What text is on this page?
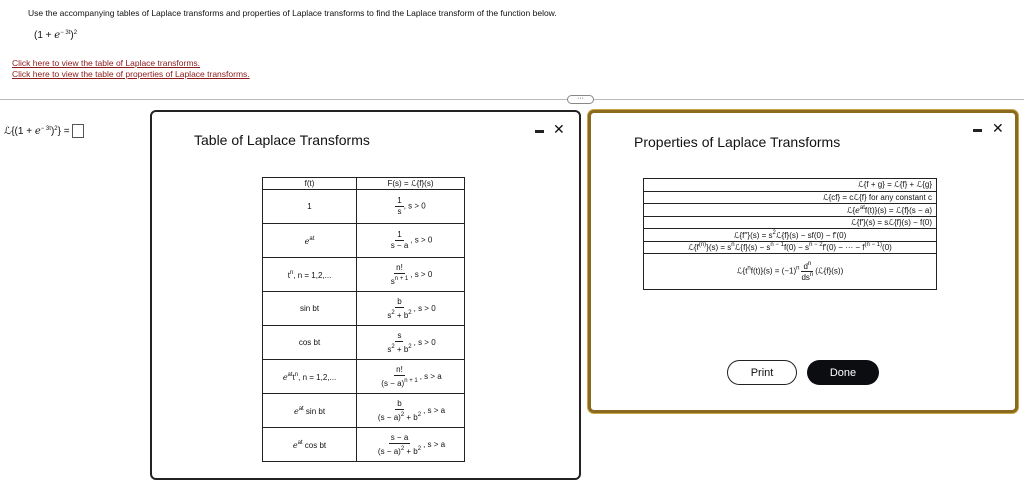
Use the accompanying tables of Laplace transforms and properties of Laplace transforms to find the Laplace transform of the function below.
$(1 + e^{- 3t})^2$
Click here to view the table of Laplace transforms.
Click here to view the table of properties of Laplace transforms.
···
ℒ{(1 + $e^{- 3t})^2$} =
Table of Laplace Transforms
✕
f(t)	F(s) = ℒ{f}(s)
1	$\frac{1}{s}$ , s > 0
$e^{at}$	$\frac{1}{s - a}$ , s > 0
$t^n$, n = 1,2,...	$\frac{n!}{s^{n + 1}}$ , s > 0
sin bt	$\frac{b}{s^2 + b^2}$ , s > 0
cos bt	$\frac{s}{s^2 + b^2}$ , s > 0
$e^{at}t^n$, n = 1,2,...	$\frac{n!}{(s - a)^{n + 1}}$ , s > a
$e^{at}$ sin bt	$\frac{b}{(s - a)^2 + b^2}$ , s > a
$e^{at}$ cos bt	$\frac{s - a}{(s - a)^2 + b^2}$ , s > a
Properties of Laplace Transforms
✕
ℒ{f + g} = ℒ{f} + ℒ{g}
ℒ{cf} = cℒ{f} for any constant c
$ℒ\{e^{at}f(t)\}(s)$ = ℒ{f}(s − a)
ℒ{f′}(s) = sℒ{f}(s) − f(0)
ℒ{f′′}(s) = $s^2ℒ\{f\}(s) - sf(0) - f'(0)$
$ℒ\{f^{(n)}\}(s)$ = $s^nℒ\{f\}(s) - s^{n - 1}f(0) - s^{n - 2}f'(0)$ − ··· − $f^{(n - 1)}(0)$
$ℒ\{t^nf(t)\}(s) = (-1)^n \frac{d^n}{ds^n}$ (ℒ{f}(s))
Print	Done
